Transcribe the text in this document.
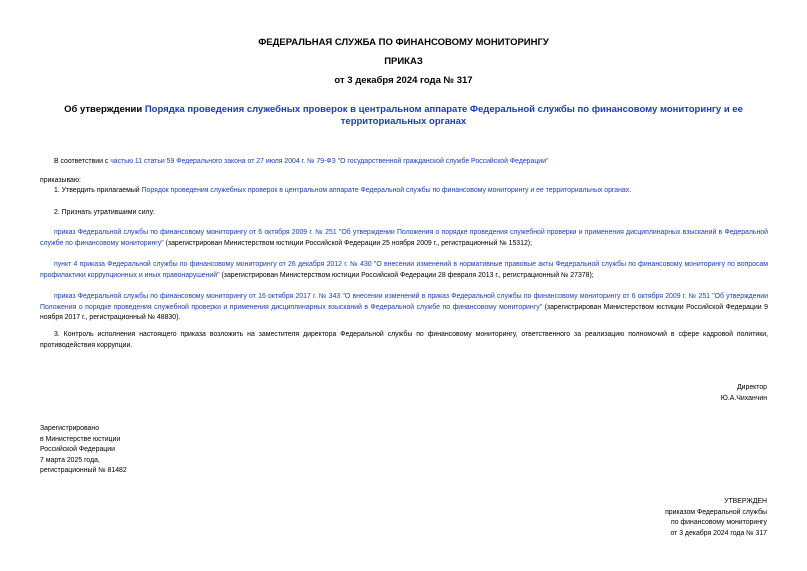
ФЕДЕРАЛЬНАЯ СЛУЖБА ПО ФИНАНСОВОМУ МОНИТОРИНГУ
ПРИКАЗ
от 3 декабря 2024 года № 317
Об утверждении Порядка проведения служебных проверок в центральном аппарате Федеральной службы по финансовому мониторингу и ее территориальных органах
В соответствии с частью 11 статьи 59 Федерального закона от 27 июля 2004 г. № 79-ФЗ "О государственной гражданской службе Российской Федерации"
приказываю:
1. Утвердить прилагаемый Порядок проведения служебных проверок в центральном аппарате Федеральной службы по финансовому мониторингу и ее территориальных органах.
2. Признать утратившими силу:
приказ Федеральной службы по финансовому мониторингу от 6 октября 2009 г. № 251 "Об утверждении Положения о порядке проведения служебной проверки и применения дисциплинарных взысканий в Федеральной службе по финансовому мониторингу" (зарегистрирован Министерством юстиции Российской Федерации 25 ноября 2009 г., регистрационный № 15312);
пункт 4 приказа Федеральной службы по финансовому мониторингу от 26 декабря 2012 г. № 430 "О внесении изменений в нормативные правовые акты Федеральной службы по финансовому мониторингу по вопросам профилактики коррупционных и иных правонарушений" (зарегистрирован Министерством юстиции Российской Федерации 28 февраля 2013 г., регистрационный № 27378);
приказ Федеральной службы по финансовому мониторингу от 16 октября 2017 г. № 343 "О внесении изменений в приказ Федеральной службы по финансовому мониторингу от 6 октября 2009 г. № 251 "Об утверждении Положения о порядке проведения служебной проверки и применения дисциплинарных взысканий в Федеральной службе по финансовому мониторингу" (зарегистрирован Министерством юстиции Российской Федерации 9 ноября 2017 г., регистрационный № 48830).
3. Контроль исполнения настоящего приказа возложить на заместителя директора Федеральной службы по финансовому мониторингу, ответственного за реализацию полномочий в сфере кадровой политики, противодействия коррупции.
Директор
Ю.А.Чиханчин
Зарегистрировано
в Министерстве юстиции
Российской Федерации
7 марта 2025 года,
регистрационный № 81482
УТВЕРЖДЕН
приказом Федеральной службы
по финансовому мониторингу
от 3 декабря 2024 года № 317
